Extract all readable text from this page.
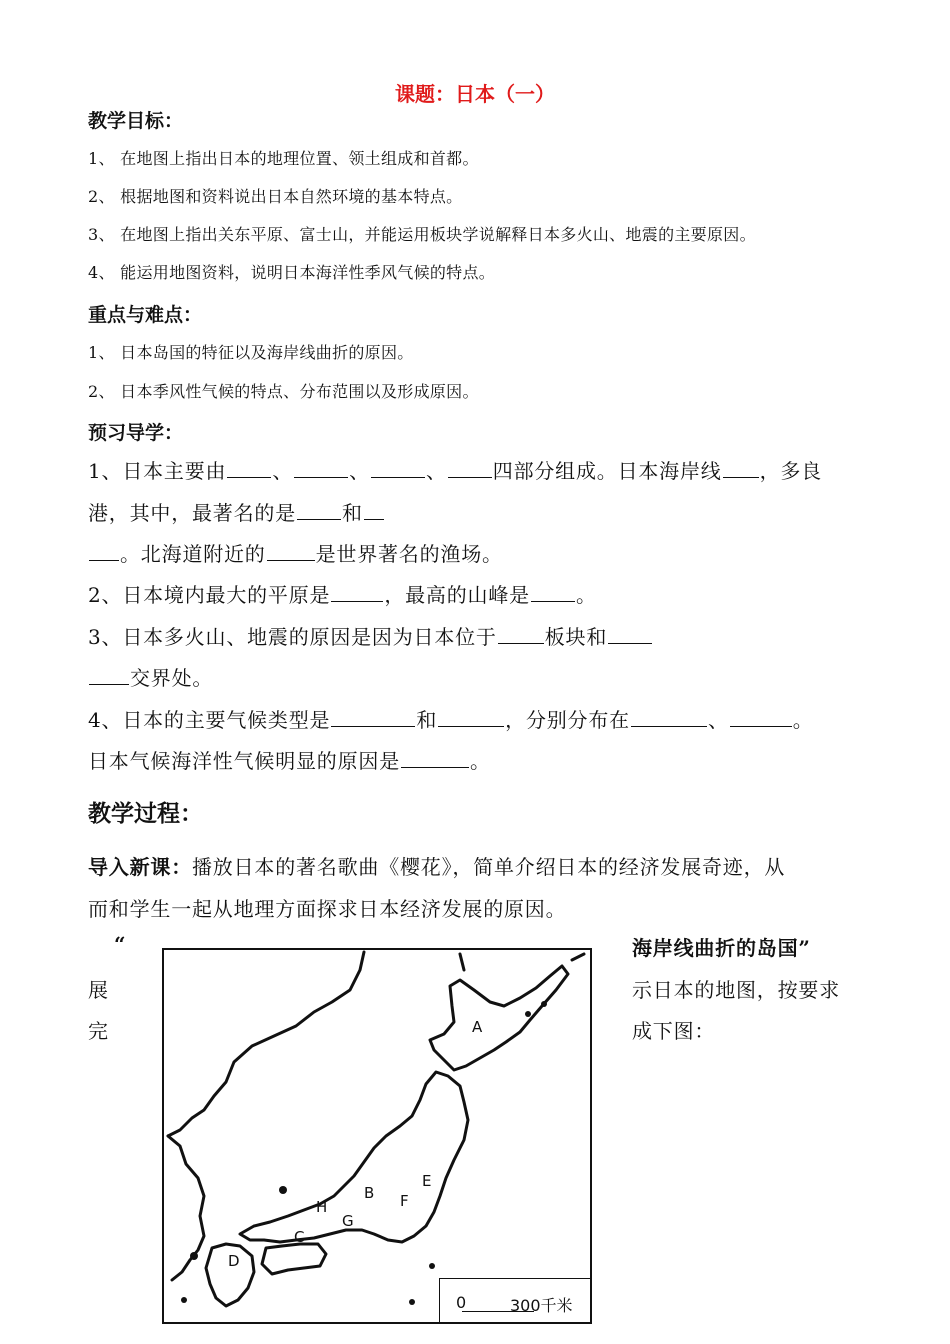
课题：日本（一）
教学目标：
1、 在地图上指出日本的地理位置、领土组成和首都。
2、 根据地图和资料说出日本自然环境的基本特点。
3、 在地图上指出关东平原、富士山，并能运用板块学说解释日本多火山、地震的主要原因。
4、 能运用地图资料，说明日本海洋性季风气候的特点。
重点与难点：
1、 日本岛国的特征以及海岸线曲折的原因。
2、 日本季风性气候的特点、分布范围以及形成原因。
预习导学：
1、日本主要由 、	、	、 四部分组成。日本海岸线 ，多良
港，其中，最著名的是 和
。北海道附近的	是世界著名的渔场。
2、日本境内最大的平原是	，最高的山峰是 。
3、日本多火山、地震的原因是因为日本位于 板块和
交界处。
4、日本的主要气候类型是	和	，分别分布在	、	。
日本气候海洋性气候明显的原因是	。
教学过程：
导入新课：播放日本的著名歌曲《樱花》，简单介绍日本的经济发展奇迹，从
而和学生一起从地理方面探求日本经济发展的原因。
“	海岸线曲折的岛国”
展
完
示日本的地图，按要求
成下图：
A
B
C
D
E
F
G
H
0	300千米
